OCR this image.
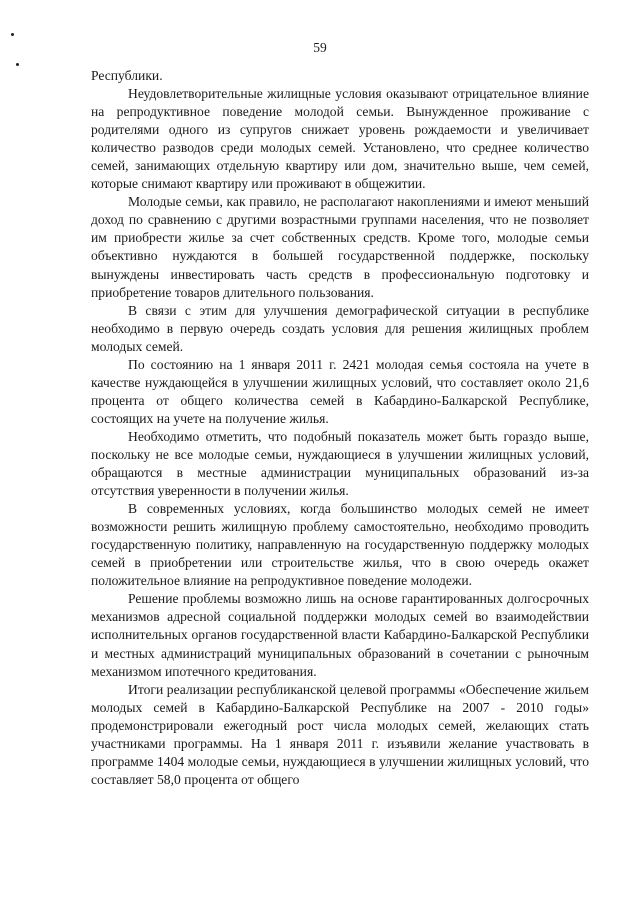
59

Республики.

Неудовлетворительные жилищные условия оказывают отрицательное влияние на репродуктивное поведение молодой семьи. Вынужденное проживание с родителями одного из супругов снижает уровень рождаемости и увеличивает количество разводов среди молодых семей. Установлено, что среднее количество семей, занимающих отдельную квартиру или дом, значительно выше, чем семей, которые снимают квартиру или проживают в общежитии.

Молодые семьи, как правило, не располагают накоплениями и имеют меньший доход по сравнению с другими возрастными группами населения, что не позволяет им приобрести жилье за счет собственных средств. Кроме того, молодые семьи объективно нуждаются в большей государственной поддержке, поскольку вынуждены инвестировать часть средств в профессиональную подготовку и приобретение товаров длительного пользования.

В связи с этим для улучшения демографической ситуации в республике необходимо в первую очередь создать условия для решения жилищных проблем молодых семей.

По состоянию на 1 января 2011 г. 2421 молодая семья состояла на учете в качестве нуждающейся в улучшении жилищных условий, что составляет около 21,6 процента от общего количества семей в Кабардино-Балкарской Республике, состоящих на учете на получение жилья.

Необходимо отметить, что подобный показатель может быть гораздо выше, поскольку не все молодые семьи, нуждающиеся в улучшении жилищных условий, обращаются в местные администрации муниципальных образований из-за отсутствия уверенности в получении жилья.

В современных условиях, когда большинство молодых семей не имеет возможности решить жилищную проблему самостоятельно, необходимо проводить государственную политику, направленную на государственную поддержку молодых семей в приобретении или строительстве жилья, что в свою очередь окажет положительное влияние на репродуктивное поведение молодежи.

Решение проблемы возможно лишь на основе гарантированных долгосрочных механизмов адресной социальной поддержки молодых семей во взаимодействии исполнительных органов государственной власти Кабардино-Балкарской Республики и местных администраций муниципальных образований в сочетании с рыночным механизмом ипотечного кредитования.

Итоги реализации республиканской целевой программы «Обеспечение жильем молодых семей в Кабардино-Балкарской Республике на 2007 - 2010 годы» продемонстрировали ежегодный рост числа молодых семей, желающих стать участниками программы. На 1 января 2011 г. изъявили желание участвовать в программе 1404 молодые семьи, нуждающиеся в улучшении жилищных условий, что составляет 58,0 процента от общего
